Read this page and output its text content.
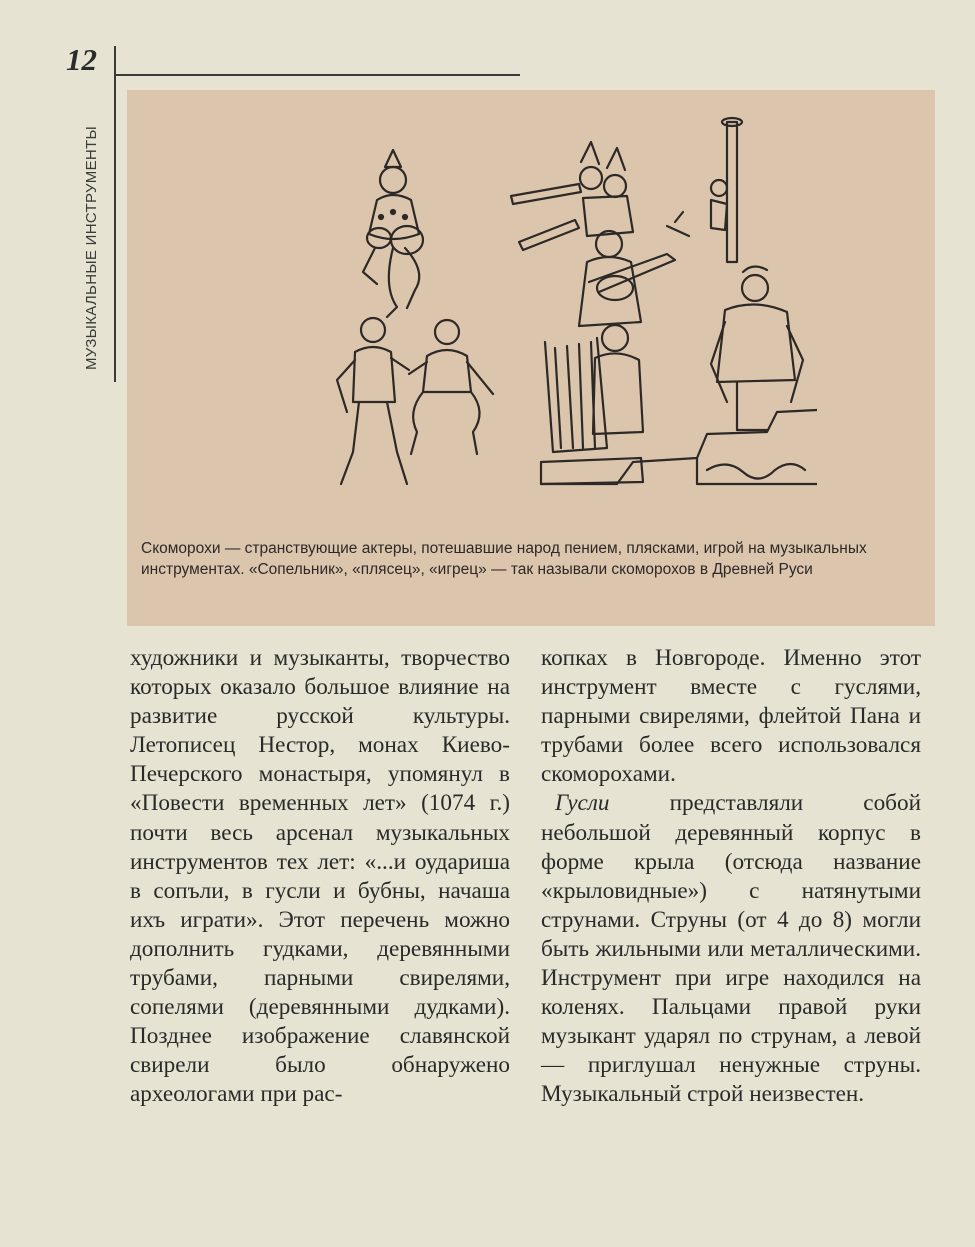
12
МУЗЫКАЛЬНЫЕ ИНСТРУМЕНТЫ
Скоморохи — странствующие актеры, потешавшие народ пением, плясками, игрой на музыкальных инструментах. «Сопельник», «плясец», «игрец» — так называли скоморохов в Древней Руси

художники и музыканты, творчество которых оказало большое влияние на развитие русской культуры. Летописец Нестор, монах Киево-Печерского монастыря, упомянул в «Повести временных лет» (1074 г.) почти весь арсенал музыкальных инструментов тех лет: «...и оудариша в сопъли, в гусли и бубны, начаша ихъ играти». Этот перечень можно дополнить гудками, деревянными трубами, парными свирелями, сопелями (деревянными дудками). Позднее изображение славянской свирели было обнаружено археологами при рас-

копках в Новгороде. Именно этот инструмент вместе с гуслями, парными свирелями, флейтой Пана и трубами более всего использовался скоморохами.

Гусли представляли собой небольшой деревянный корпус в форме крыла (отсюда название «крыловидные») с натянутыми струнами. Струны (от 4 до 8) могли быть жильными или металлическими. Инструмент при игре находился на коленях. Пальцами правой руки музыкант ударял по струнам, а левой — приглушал ненужные струны. Музыкальный строй неизвестен.
